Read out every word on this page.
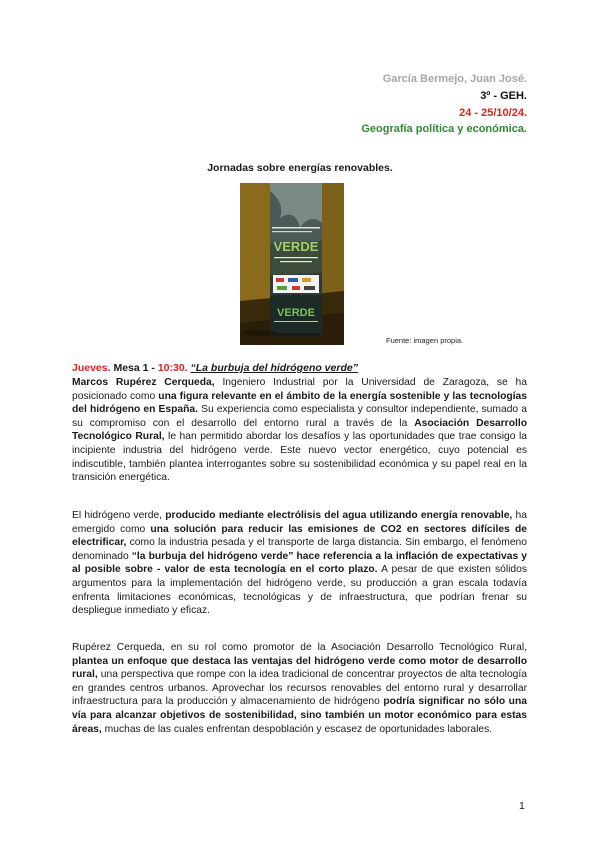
García Bermejo, Juan José.
3º - GEH.
24 - 25/10/24.
Geografía política y económica.
Jornadas sobre energías renovables.
VERDE
VERDE
Fuente: imagen propia.
Jueves. Mesa 1 - 10:30. “La burbuja del hidrógeno verde”

Marcos Rupérez Cerqueda, Ingeniero Industrial por la Universidad de Zaragoza, se ha posicionado como una figura relevante en el ámbito de la energía sostenible y las tecnologías del hidrógeno en España. Su experiencia como especialista y consultor independiente, sumado a su compromiso con el desarrollo del entorno rural a través de la Asociación Desarrollo Tecnológico Rural, le han permitido abordar los desafíos y las oportunidades que trae consigo la incipiente industria del hidrógeno verde. Este nuevo vector energético, cuyo potencial es indiscutible, también plantea interrogantes sobre su sostenibilidad económica y su papel real en la transición energética.

El hidrógeno verde, producido mediante electrólisis del agua utilizando energía renovable, ha emergido como una solución para reducir las emisiones de CO2 en sectores difíciles de electrificar, como la industria pesada y el transporte de larga distancia. Sin embargo, el fenómeno denominado “la burbuja del hidrógeno verde” hace referencia a la inflación de expectativas y al posible sobre - valor de esta tecnología en el corto plazo. A pesar de que existen sólidos argumentos para la implementación del hidrógeno verde, su producción a gran escala todavía enfrenta limitaciones económicas, tecnológicas y de infraestructura, que podrían frenar su despliegue inmediato y eficaz.

Rupérez Cerqueda, en su rol como promotor de la Asociación Desarrollo Tecnológico Rural, plantea un enfoque que destaca las ventajas del hidrógeno verde como motor de desarrollo rural, una perspectiva que rompe con la idea tradicional de concentrar proyectos de alta tecnología en grandes centros urbanos. Aprovechar los recursos renovables del entorno rural y desarrollar infraestructura para la producción y almacenamiento de hidrógeno podría significar no sólo una vía para alcanzar objetivos de sostenibilidad, sino también un motor económico para estas áreas, muchas de las cuales enfrentan despoblación y escasez de oportunidades laborales.

1
